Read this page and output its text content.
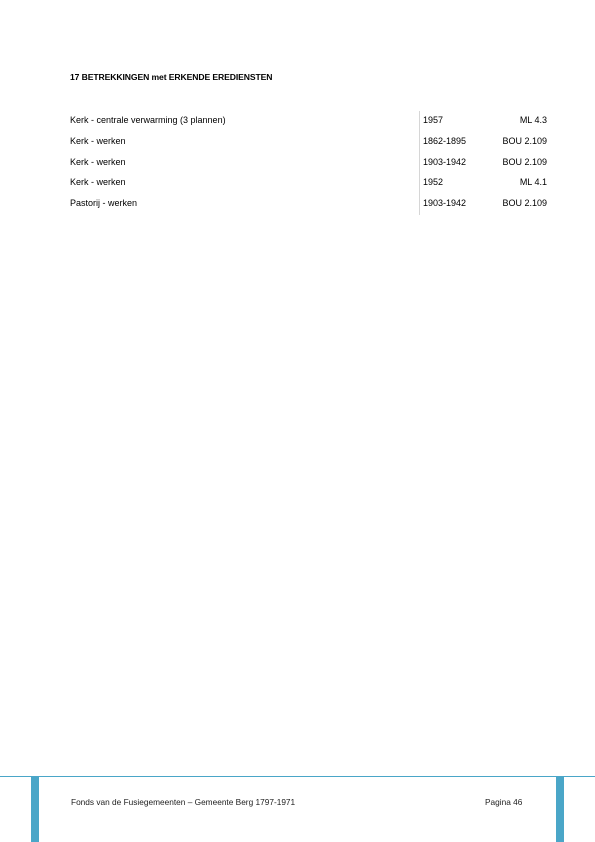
17 BETREKKINGEN met ERKENDE EREDIENSTEN
Kerk - centrale verwarming (3 plannen)	1957	ML 4.3
Kerk - werken	1862-1895	BOU 2.109
Kerk - werken	1903-1942	BOU 2.109
Kerk - werken	1952	ML 4.1
Pastorij - werken	1903-1942	BOU 2.109
Fonds van de Fusiegemeenten – Gemeente Berg 1797-1971	Pagina 46
